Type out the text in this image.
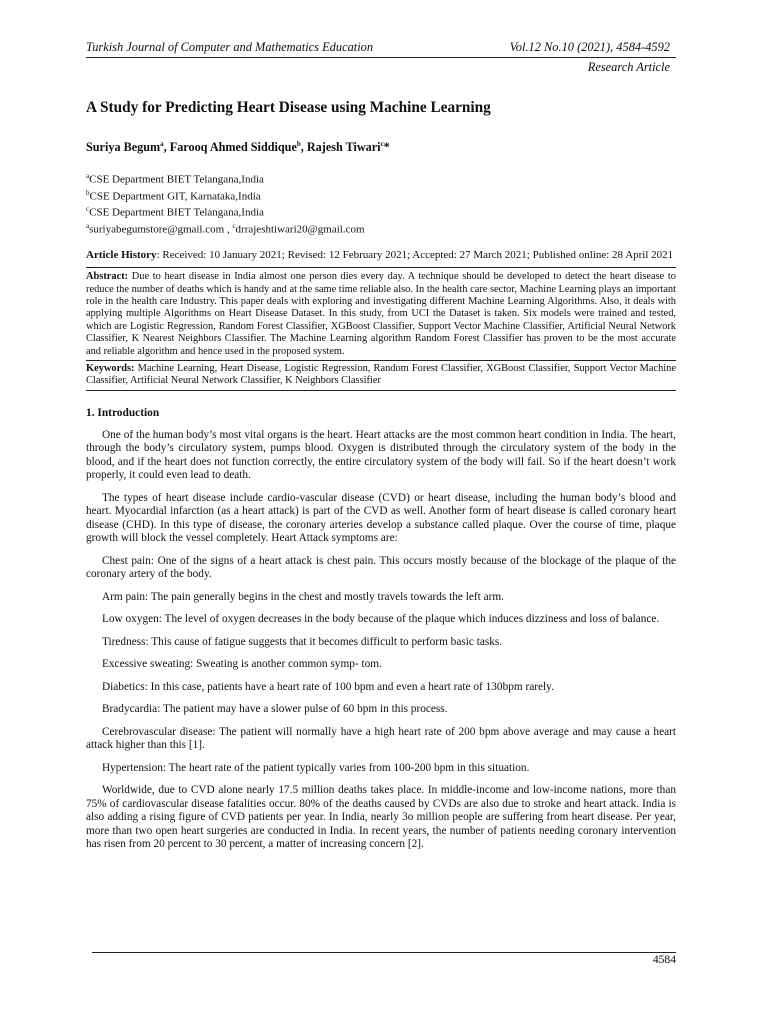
Turkish Journal of Computer and Mathematics Education	Vol.12 No.10 (2021), 4584-4592
Research Article
A Study for Predicting Heart Disease using Machine Learning
Suriya Begum$^a$, Farooq Ahmed Siddique$^b$, Rajesh Tiwari$^c$*
$^a$CSE Department BIET Telangana,India
$^b$CSE Department GIT, Karnataka,India
$^c$CSE Department BIET Telangana,India
$^a$suriyabegumstore@gmail.com , $^c$drrajeshtiwari20@gmail.com
Article History: Received: 10 January 2021; Revised: 12 February 2021; Accepted: 27 March 2021; Published online: 28 April 2021
Abstract: Due to heart disease in India almost one person dies every day. A technique should be developed to detect the heart disease to reduce the number of deaths which is handy and at the same time reliable also. In the health care sector, Machine Learning plays an important role in the health care Industry. This paper deals with exploring and investigating different Machine Learning Algorithms. Also, it deals with applying multiple Algorithms on Heart Disease Dataset. In this study, from UCI the Dataset is taken. Six models were trained and tested, which are Logistic Regression, Random Forest Classifier, XGBoost Classifier, Support Vector Machine Classifier, Artificial Neural Network Classifier, K Nearest Neighbors Classifier. The Machine Learning algorithm Random Forest Classifier has proven to be the most accurate and reliable algorithm and hence used in the proposed system.
Keywords: Machine Learning, Heart Disease, Logistic Regression, Random Forest Classifier, XGBoost Classifier, Support Vector Machine Classifier, Artificial Neural Network Classifier, K Neighbors Classifier
1. Introduction

One of the human body’s most vital organs is the heart. Heart attacks are the most common heart condition in India. The heart, through the body’s circulatory system, pumps blood. Oxygen is distributed through the circulatory system of the body in the blood, and if the heart does not function correctly, the entire circulatory system of the body will fail. So if the heart doesn’t work properly, it could even lead to death.

The types of heart disease include cardio-vascular disease (CVD) or heart disease, including the human body’s blood and heart. Myocardial infarction (as a heart attack) is part of the CVD as well. Another form of heart disease is called coronary heart disease (CHD). In this type of disease, the coronary arteries develop a substance called plaque. Over the course of time, plaque growth will block the vessel completely. Heart Attack symptoms are:

Chest pain: One of the signs of a heart attack is chest pain. This occurs mostly because of the blockage of the plaque of the coronary artery of the body.

Arm pain: The pain generally begins in the chest and mostly travels towards the left arm.

Low oxygen: The level of oxygen decreases in the body because of the plaque which induces dizziness and loss of balance.

Tiredness: This cause of fatigue suggests that it becomes difficult to perform basic tasks.

Excessive sweating: Sweating is another common symp- tom.

Diabetics: In this case, patients have a heart rate of 100 bpm and even a heart rate of 130bpm rarely.

Bradycardia: The patient may have a slower pulse of 60 bpm in this process.

Cerebrovascular disease: The patient will normally have a high heart rate of 200 bpm above average and may cause a heart attack higher than this [1].

Hypertension: The heart rate of the patient typically varies from 100-200 bpm in this situation.

Worldwide, due to CVD alone nearly 17.5 million deaths takes place. In middle-income and low-income nations, more than 75% of cardiovascular disease fatalities occur. 80% of the deaths caused by CVDs are also due to stroke and heart attack. India is also adding a rising figure of CVD patients per year. In India, nearly 3o million people are suffering from heart disease. Per year, more than two open heart surgeries are conducted in India. In recent years, the number of patients needing coronary intervention has risen from 20 percent to 30 percent, a matter of increasing concern [2].

4584
